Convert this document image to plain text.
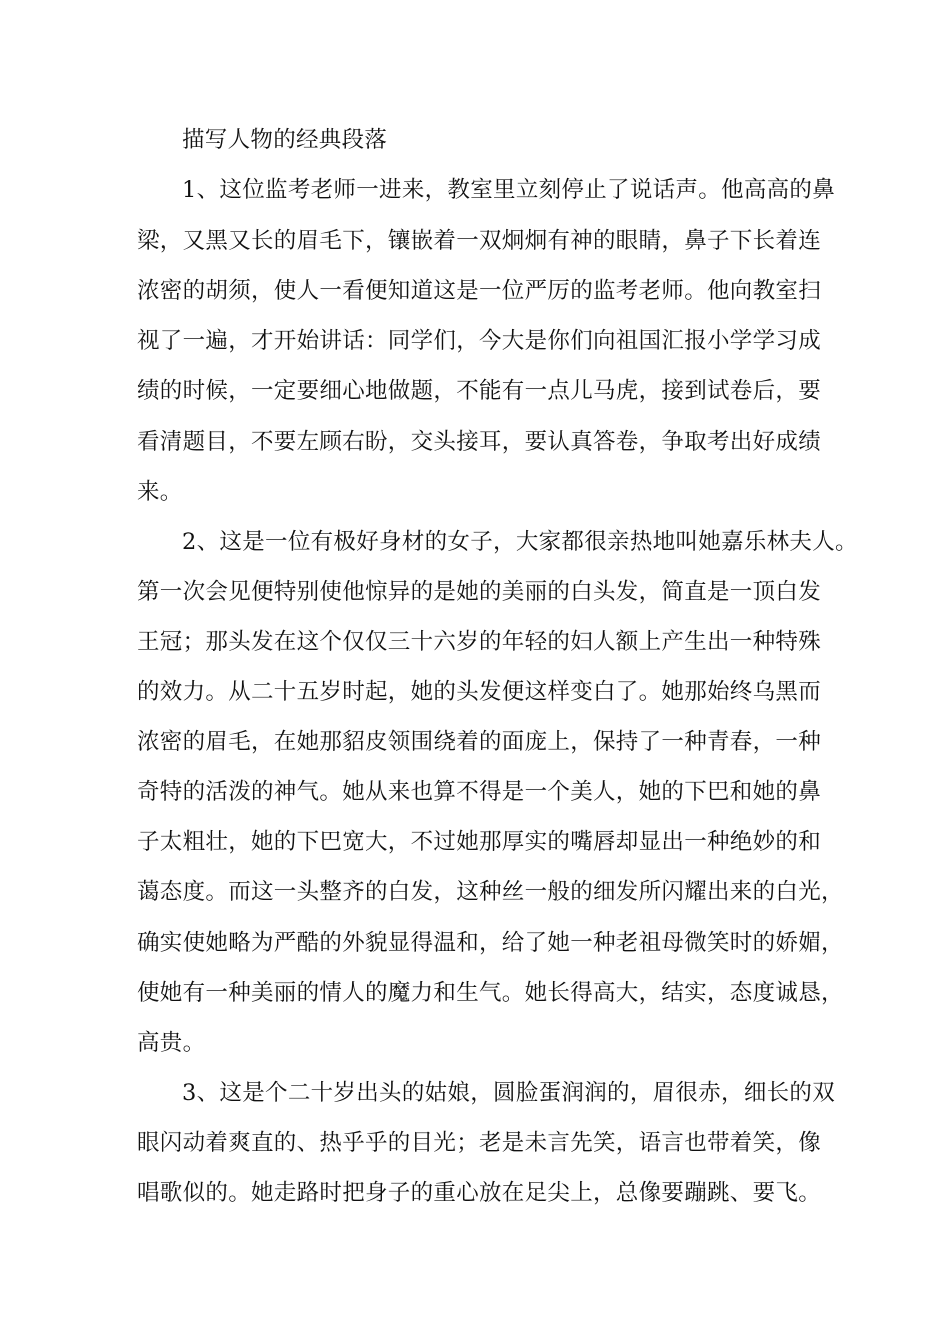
描写人物的经典段落
1、这位监考老师一进来，教室里立刻停止了说话声。他高高的鼻
梁，又黑又长的眉毛下，镶嵌着一双炯炯有神的眼睛，鼻子下长着连
浓密的胡须，使人一看便知道这是一位严厉的监考老师。他向教室扫
视了一遍，才开始讲话：同学们，今大是你们向祖国汇报小学学习成
绩的时候，一定要细心地做题，不能有一点儿马虎，接到试卷后，要
看清题目，不要左顾右盼，交头接耳，要认真答卷，争取考出好成绩
来。
2、这是一位有极好身材的女子，大家都很亲热地叫她嘉乐林夫人。
第一次会见便特别使他惊异的是她的美丽的白头发，简直是一顶白发
王冠；那头发在这个仅仅三十六岁的年轻的妇人额上产生出一种特殊
的效力。从二十五岁时起，她的头发便这样变白了。她那始终乌黑而
浓密的眉毛，在她那貂皮领围绕着的面庞上，保持了一种青春，一种
奇特的活泼的神气。她从来也算不得是一个美人，她的下巴和她的鼻
子太粗壮，她的下巴宽大，不过她那厚实的嘴唇却显出一种绝妙的和
蔼态度。而这一头整齐的白发，这种丝一般的细发所闪耀出来的白光，
确实使她略为严酷的外貌显得温和，给了她一种老祖母微笑时的娇媚，
使她有一种美丽的情人的魔力和生气。她长得高大，结实，态度诚恳，
高贵。
3、这是个二十岁出头的姑娘，圆脸蛋润润的，眉很赤，细长的双
眼闪动着爽直的、热乎乎的目光；老是未言先笑，语言也带着笑，像
唱歌似的。她走路时把身子的重心放在足尖上，总像要蹦跳、要飞。
